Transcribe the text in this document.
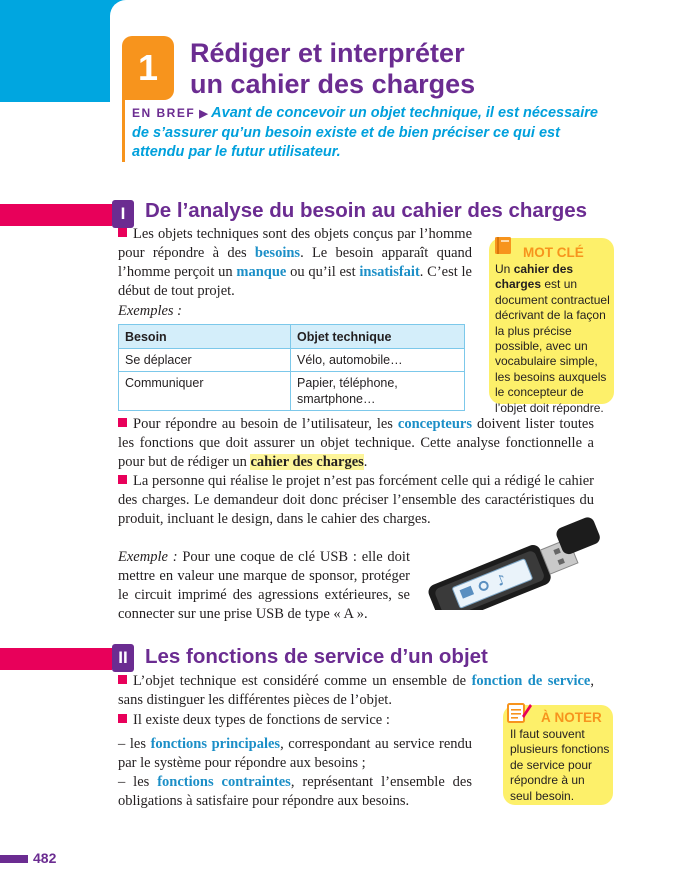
1	Rédiger et interpréter
un cahier des charges
EN BREF ▶ Avant de concevoir un objet technique, il est nécessaire de s’assurer qu’un besoin existe et de bien préciser ce qui est attendu par le futur utilisateur.
I De l’analyse du besoin au cahier des charges
Les objets techniques sont des objets conçus par l’homme pour répondre à des besoins. Le besoin apparaît quand l’homme perçoit un manque ou qu’il est insatisfait. C’est le début de tout projet.
Exemples :
Besoin	Objet technique
Se déplacer	Vélo, automobile…
Communiquer	Papier, téléphone, smartphone…
Pour répondre au besoin de l’utilisateur, les concepteurs doivent lister toutes les fonctions que doit assurer un objet technique. Cette analyse fonctionnelle a pour but de rédiger un cahier des charges.
La personne qui réalise le projet n’est pas forcément celle qui a rédigé le cahier des charges. Le demandeur doit donc préciser l’ensemble des caractéristiques du produit, incluant le design, dans le cahier des charges.
Exemple : Pour une coque de clé USB : elle doit mettre en valeur une marque de sponsor, protéger le circuit imprimé des agressions extérieures, se connecter sur une prise USB de type « A ».
♪
MOT CLÉ
Un cahier des charges est un document contractuel décrivant de la façon la plus précise possible, avec un vocabulaire simple, les besoins auxquels le concepteur de l’objet doit répondre.
II Les fonctions de service d’un objet
L’objet technique est considéré comme un ensemble de fonction de service, sans distinguer les différentes pièces de l’objet.
Il existe deux types de fonctions de service :
– les fonctions principales, correspondant au service rendu par le système pour répondre aux besoins ;
– les fonctions contraintes, représentant l’ensemble des obligations à satisfaire pour répondre aux besoins.
À NOTER
Il faut souvent plusieurs fonctions de service pour répondre à un seul besoin.
482
